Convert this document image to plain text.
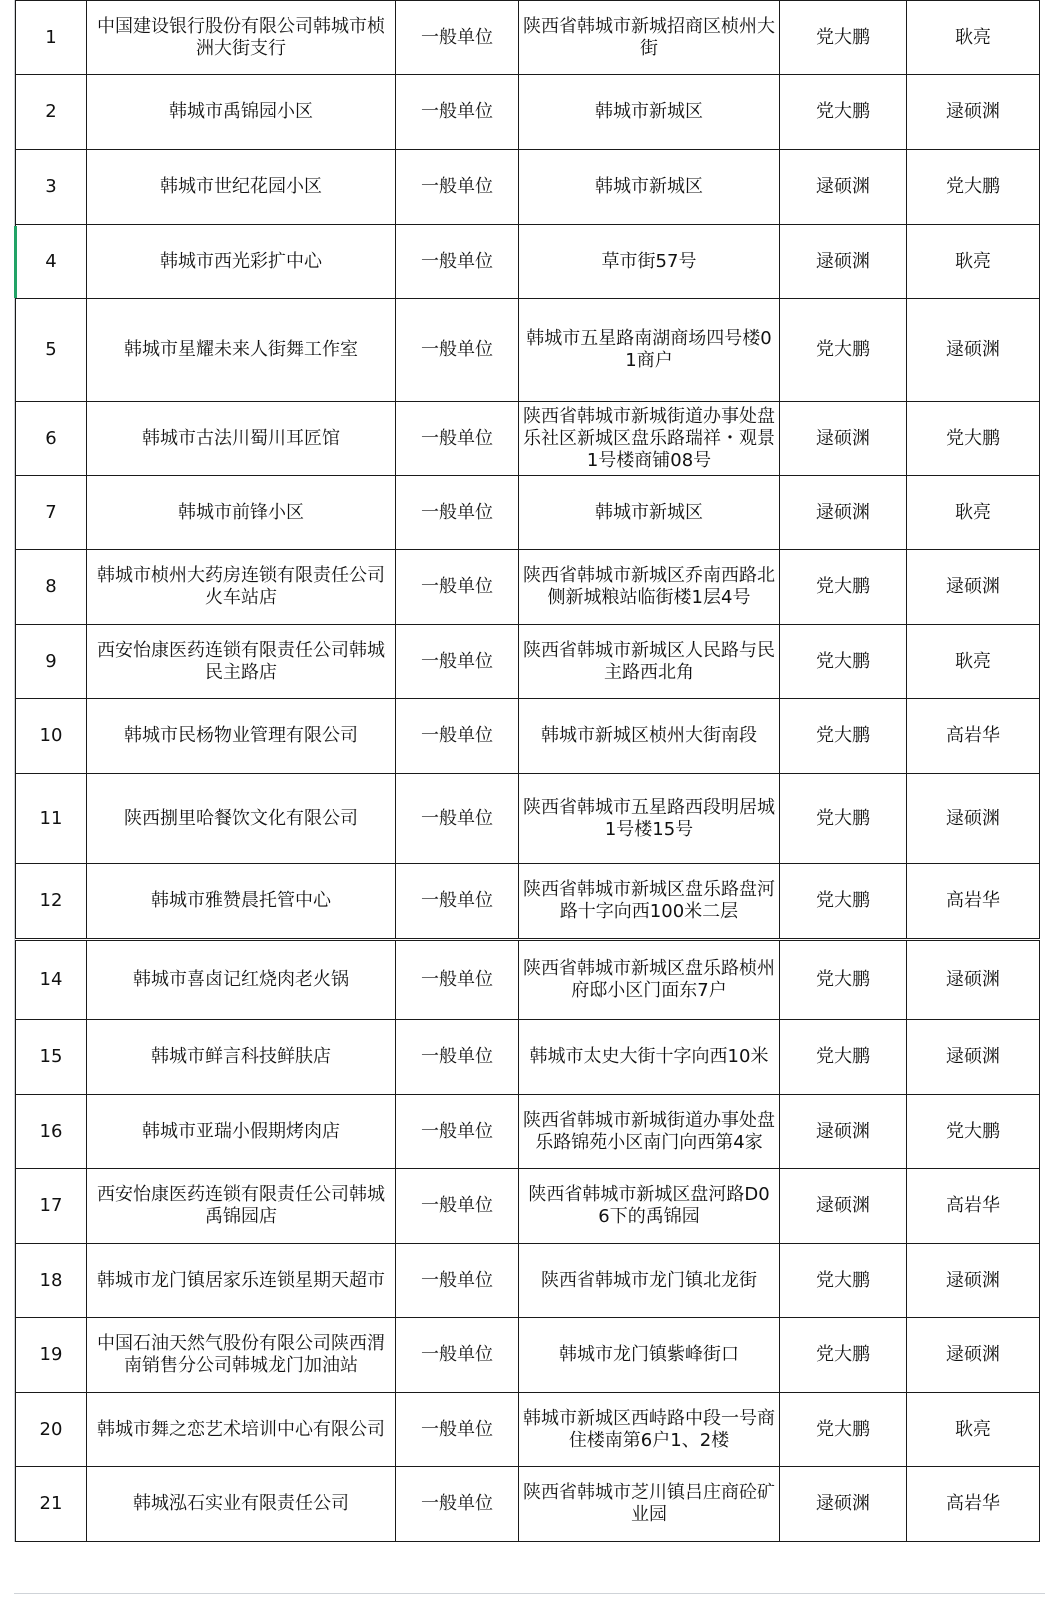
1	中国建设银行股份有限公司韩城市桢洲大街支行	一般单位	陕西省韩城市新城招商区桢州大街	党大鹏	耿亮
2	韩城市禹锦园小区	一般单位	韩城市新城区	党大鹏	逯硕渊
3	韩城市世纪花园小区	一般单位	韩城市新城区	逯硕渊	党大鹏
4	韩城市西光彩扩中心	一般单位	草市街57号	逯硕渊	耿亮
5	韩城市星耀未来人街舞工作室	一般单位	韩城市五星路南湖商场四号楼01商户	党大鹏	逯硕渊
6	韩城市古法川蜀川耳匠馆	一般单位	陕西省韩城市新城街道办事处盘乐社区新城区盘乐路瑞祥・观景1号楼商铺08号	逯硕渊	党大鹏
7	韩城市前锋小区	一般单位	韩城市新城区	逯硕渊	耿亮
8	韩城市桢州大药房连锁有限责任公司火车站店	一般单位	陕西省韩城市新城区乔南西路北侧新城粮站临街楼1层4号	党大鹏	逯硕渊
9	西安怡康医药连锁有限责任公司韩城民主路店	一般单位	陕西省韩城市新城区人民路与民主路西北角	党大鹏	耿亮
10	韩城市民杨物业管理有限公司	一般单位	韩城市新城区桢州大街南段	党大鹏	高岩华
11	陕西捌里哈餐饮文化有限公司	一般单位	陕西省韩城市五星路西段明居城1号楼15号	党大鹏	逯硕渊
12	韩城市雅赞晨托管中心	一般单位	陕西省韩城市新城区盘乐路盘河路十字向西100米二层	党大鹏	高岩华
14	韩城市喜卤记红烧肉老火锅	一般单位	陕西省韩城市新城区盘乐路桢州府邸小区门面东7户	党大鹏	逯硕渊
15	韩城市鲜言科技鲜肤店	一般单位	韩城市太史大街十字向西10米	党大鹏	逯硕渊
16	韩城市亚瑞小假期烤肉店	一般单位	陕西省韩城市新城街道办事处盘乐路锦苑小区南门向西第4家	逯硕渊	党大鹏
17	西安怡康医药连锁有限责任公司韩城禹锦园店	一般单位	陕西省韩城市新城区盘河路D06下的禹锦园	逯硕渊	高岩华
18	韩城市龙门镇居家乐连锁星期天超市	一般单位	陕西省韩城市龙门镇北龙街	党大鹏	逯硕渊
19	中国石油天然气股份有限公司陕西渭南销售分公司韩城龙门加油站	一般单位	韩城市龙门镇紫峰街口	党大鹏	逯硕渊
20	韩城市舞之恋艺术培训中心有限公司	一般单位	韩城市新城区西峙路中段一号商住楼南第6户1、2楼	党大鹏	耿亮
21	韩城泓石实业有限责任公司	一般单位	陕西省韩城市芝川镇吕庄商砼矿业园	逯硕渊	高岩华
